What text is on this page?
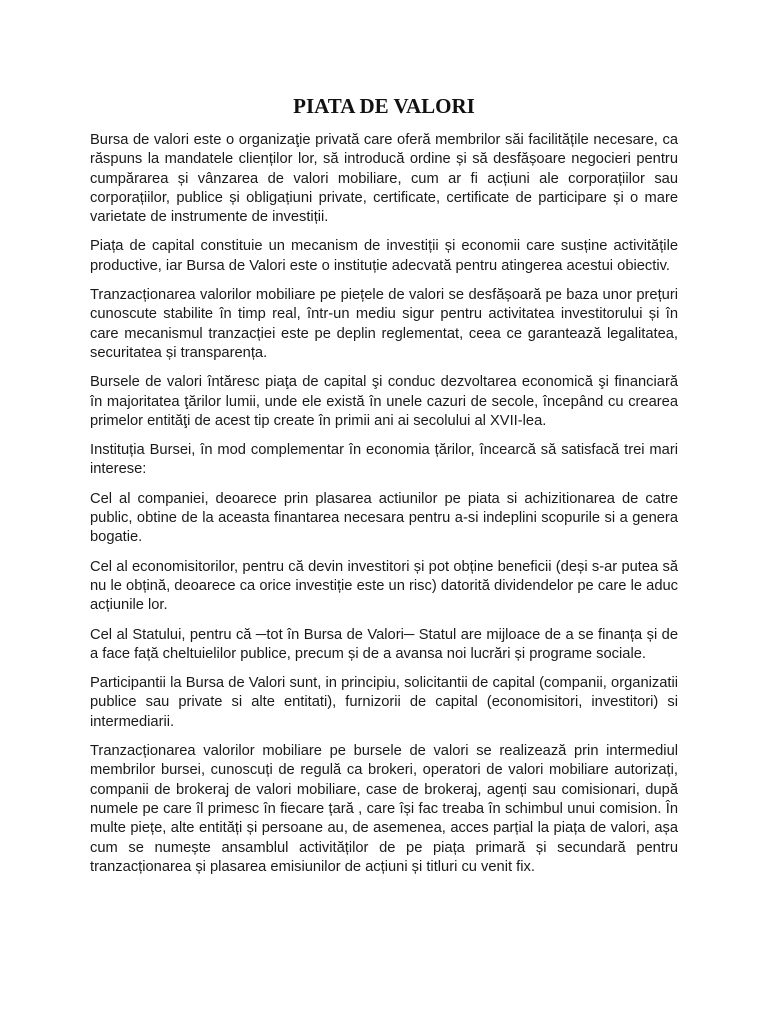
PIATA DE VALORI

Bursa de valori este o organizaţie privată care oferă membrilor săi facilitățile necesare, ca răspuns la mandatele clienților lor, să introducă ordine și să desfășoare negocieri pentru cumpărarea și vânzarea de valori mobiliare, cum ar fi acțiuni ale corporațiilor sau corporațiilor, publice și obligațiuni private, certificate, certificate de participare și o mare varietate de instrumente de investiții.

Piața de capital constituie un mecanism de investiții și economii care susține activitățile productive, iar Bursa de Valori este o instituție adecvată pentru atingerea acestui obiectiv.

Tranzacționarea valorilor mobiliare pe piețele de valori se desfășoară pe baza unor prețuri cunoscute stabilite în timp real, într-un mediu sigur pentru activitatea investitorului și în care mecanismul tranzacției este pe deplin reglementat, ceea ce garantează legalitatea, securitatea și transparența.

Bursele de valori întăresc piaţa de capital şi conduc dezvoltarea economică şi financiară în majoritatea ţărilor lumii, unde ele există în unele cazuri de secole, începând cu crearea primelor entităţi de acest tip create în primii ani ai secolului al XVII-lea.

Instituția Bursei, în mod complementar în economia țărilor, încearcă să satisfacă trei mari interese:

Cel al companiei, deoarece prin plasarea actiunilor pe piata si achizitionarea de catre public, obtine de la aceasta finantarea necesara pentru a-si indeplini scopurile si a genera bogatie.

Cel al economisitorilor, pentru că devin investitori și pot obține beneficii (deși s-ar putea să nu le obțină, deoarece ca orice investiție este un risc) datorită dividendelor pe care le aduc acțiunile lor.

Cel al Statului, pentru că ─tot în Bursa de Valori─ Statul are mijloace de a se finanța și de a face față cheltuielilor publice, precum și de a avansa noi lucrări și programe sociale.

Participantii la Bursa de Valori sunt, in principiu, solicitantii de capital (companii, organizatii publice sau private si alte entitati), furnizorii de capital (economisitori, investitori) si intermediarii.

Tranzacționarea valorilor mobiliare pe bursele de valori se realizează prin intermediul membrilor bursei, cunoscuți de regulă ca brokeri, operatori de valori mobiliare autorizați, companii de brokeraj de valori mobiliare, case de brokeraj, agenți sau comisionari, după numele pe care îl primesc în fiecare țară , care își fac treaba în schimbul unui comision. În multe piețe, alte entități și persoane au, de asemenea, acces parțial la piața de valori, așa cum se numește ansamblul activităților de pe piața primară și secundară pentru tranzacționarea și plasarea emisiunilor de acțiuni și titluri cu venit fix.
